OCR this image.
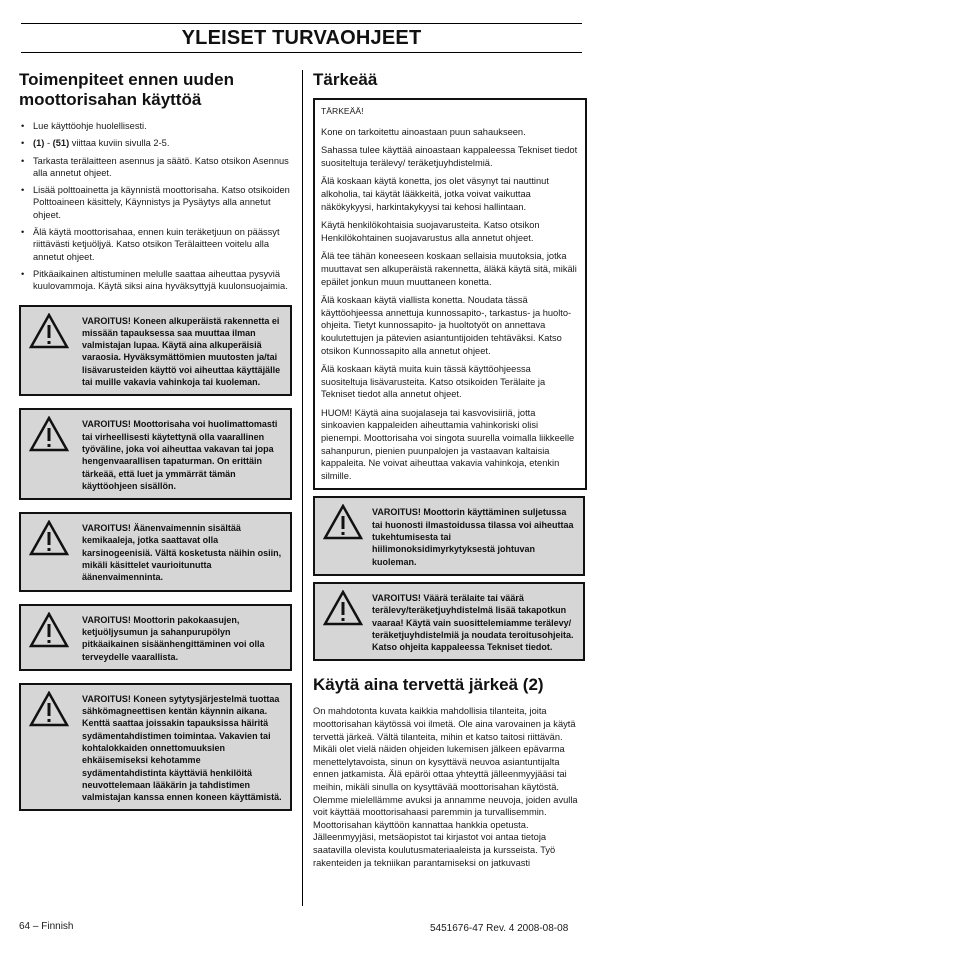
YLEISET TURVAOHJEET
Toimenpiteet ennen uuden moottorisahan käyttöä
• Lue käyttöohje huolellisesti.
• (1) - (51) viittaa kuviin sivulla 2-5.
• Tarkasta terälaitteen asennus ja säätö. Katso otsikon Asennus alla annetut ohjeet.
• Lisää polttoainetta ja käynnistä moottorisaha. Katso otsikoiden Polttoaineen käsittely, Käynnistys ja Pysäytys alla annetut ohjeet.
• Älä käytä moottorisahaa, ennen kuin teräketjuun on päässyt riittävästi ketjuöljyä. Katso otsikon Terälaitteen voitelu alla annetut ohjeet.
• Pitkäaikainen altistuminen melulle saattaa aiheuttaa pysyviä kuulovammoja. Käytä siksi aina hyväksyttyjä kuulonsuojaimia.
VAROITUS! Koneen alkuperäistä rakennetta ei missään tapauksessa saa muuttaa ilman valmistajan lupaa. Käytä aina alkuperäisiä varaosia. Hyväksymättömien muutosten ja/tai lisävarusteiden käyttö voi aiheuttaa käyttäjälle tai muille vakavia vahinkoja tai kuoleman.
VAROITUS! Moottorisaha voi huolimattomasti tai virheellisesti käytettynä olla vaarallinen työväline, joka voi aiheuttaa vakavan tai jopa hengenvaarallisen tapaturman. On erittäin tärkeää, että luet ja ymmärrät tämän käyttöohjeen sisällön.
VAROITUS! Äänenvaimennin sisältää kemikaaleja, jotka saattavat olla karsinogeenisiä. Vältä kosketusta näihin osiin, mikäli käsittelet vaurioitunutta äänenvaimenninta.
VAROITUS! Moottorin pakokaasujen, ketjuöljysumun ja sahanpurupölyn pitkäaikainen sisäänhengittäminen voi olla terveydelle vaarallista.
VAROITUS! Koneen sytytysjärjestelmä tuottaa sähkömagneettisen kentän käynnin aikana. Kenttä saattaa joissakin tapauksissa häiritä sydämentahdistimen toimintaa. Vakavien tai kohtalokkaiden onnettomuuksien ehkäisemiseksi kehotamme sydämentahdistinta käyttäviä henkilöitä neuvottelemaan lääkärin ja tahdistimen valmistajan kanssa ennen koneen käyttämistä.
Tärkeää

TÄRKEÄÄ!

Kone on tarkoitettu ainoastaan puun sahaukseen.

Sahassa tulee käyttää ainoastaan kappaleessa Tekniset tiedot suositeltuja terälevy/ teräketjuyhdistelmiä.

Älä koskaan käytä konetta, jos olet väsynyt tai nauttinut alkoholia, tai käytät lääkkeitä, jotka voivat vaikuttaa näkökykyysi, harkintakykyysi tai kehosi hallintaan.

Käytä henkilökohtaisia suojavarusteita. Katso otsikon Henkilökohtainen suojavarustus alla annetut ohjeet.

Älä tee tähän koneeseen koskaan sellaisia muutoksia, jotka muuttavat sen alkuperäistä rakennetta, äläkä käytä sitä, mikäli epäilet jonkun muun muuttaneen konetta.

Älä koskaan käytä viallista konetta. Noudata tässä käyttöohjeessa annettuja kunnossapito-, tarkastus- ja huolto-ohjeita. Tietyt kunnossapito- ja huoltotyöt on annettava koulutettujen ja pätevien asiantuntijoiden tehtäväksi. Katso otsikon Kunnossapito alla annetut ohjeet.

Älä koskaan käytä muita kuin tässä käyttöohjeessa suositeltuja lisävarusteita. Katso otsikoiden Terälaite ja Tekniset tiedot alla annetut ohjeet.

HUOM! Käytä aina suojalaseja tai kasvovisiiriä, jotta sinkoavien kappaleiden aiheuttamia vahinkoriski olisi pienempi. Moottorisaha voi singota suurella voimalla liikkeelle sahanpurun, pienien puunpalojen ja vastaavan kaltaisia kappaleita. Ne voivat aiheuttaa vakavia vahinkoja, etenkin silmille.

VAROITUS! Moottorin käyttäminen suljetussa tai huonosti ilmastoidussa tilassa voi aiheuttaa tukehtumisesta tai hiilimonoksidimyrkytyksestä johtuvan kuoleman.
VAROITUS! Väärä terälaite tai väärä terälevy/teräketjuyhdistelmä lisää takapotkun vaaraa! Käytä vain suosittelemiamme terälevy/ teräketjuyhdistelmiä ja noudata teroitusohjeita. Katso ohjeita kappaleessa Tekniset tiedot.
Käytä aina tervettä järkeä (2)

On mahdotonta kuvata kaikkia mahdollisia tilanteita, joita moottorisahan käytössä voi ilmetä. Ole aina varovainen ja käytä tervettä järkeä. Vältä tilanteita, mihin et katso taitosi riittävän. Mikäli olet vielä näiden ohjeiden lukemisen jälkeen epävarma menettelytavoista, sinun on kysyttävä neuvoa asiantuntijalta ennen jatkamista. Älä epäröi ottaa yhteyttä jälleenmyyjääsi tai meihin, mikäli sinulla on kysyttävää moottorisahan käytöstä. Olemme mielellämme avuksi ja annamme neuvoja, joiden avulla voit käyttää moottorisahaasi paremmin ja turvallisemmin. Moottorisahan käyttöön kannattaa hankkia opetusta. Jälleenmyyjäsi, metsäopistot tai kirjastot voi antaa tietoja saatavilla olevista koulutusmateriaaleista ja kursseista. Työ rakenteiden ja tekniikan parantamiseksi on jatkuvasti

64 – Finnish	5451676-47 Rev. 4 2008-08-08
